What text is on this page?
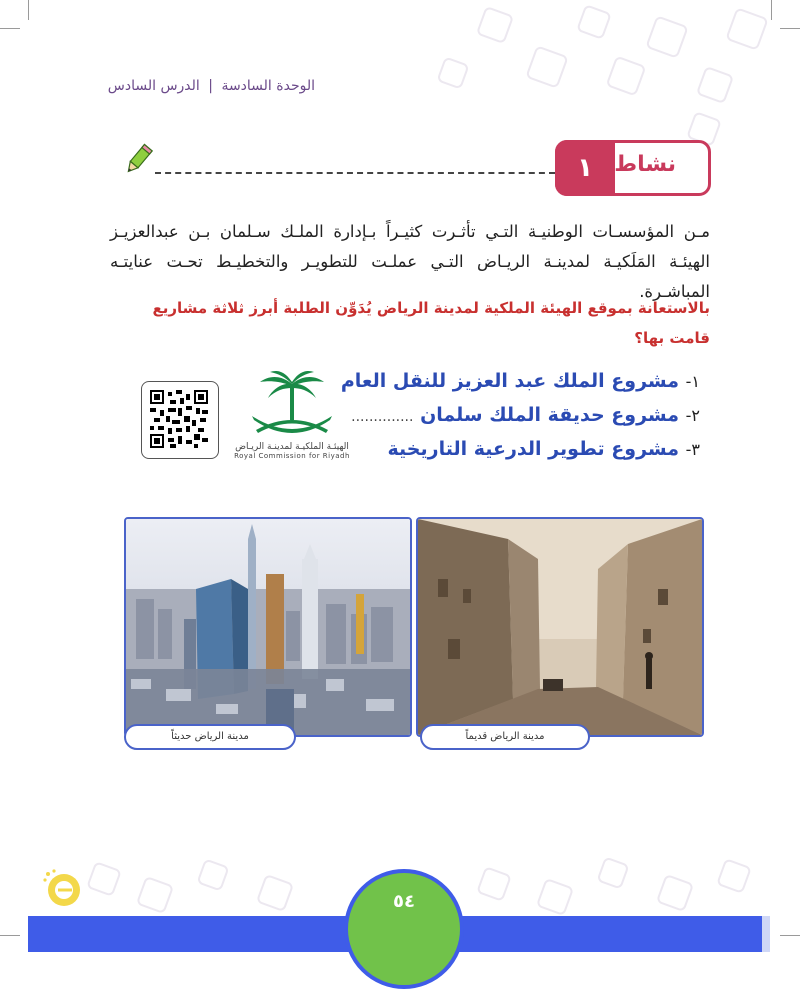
الوحدة السادسة | الدرس السادس
١ نشاط
مـن المؤسسـات الوطنيـة التـي تأثـرت كثيـراً بـإدارة الملـك سـلمان بـن عبدالعزيـز الهيئـة المَلَكيـة لمدينـة الريـاض التـي عملـت للتطويـر والتخطيـط تحـت عنايتـه المباشـرة.
بالاستعانة بموقع الهيئة الملكية لمدينة الرياض يُدَوِّن الطلبة أبرز ثلاثة مشاريع قامت بها؟
١- مشروع الملك عبد العزيز للنقل العام
٢- مشروع حديقة الملك سلمان ..............
٣- مشروع تطوير الدرعية التاريخية
الهيئـة الملكيـة لمدينـة الريـاض
Royal Commission for Riyadh
مدينة الرياض حديثاً	مدينة الرياض قديماً
٥٤
